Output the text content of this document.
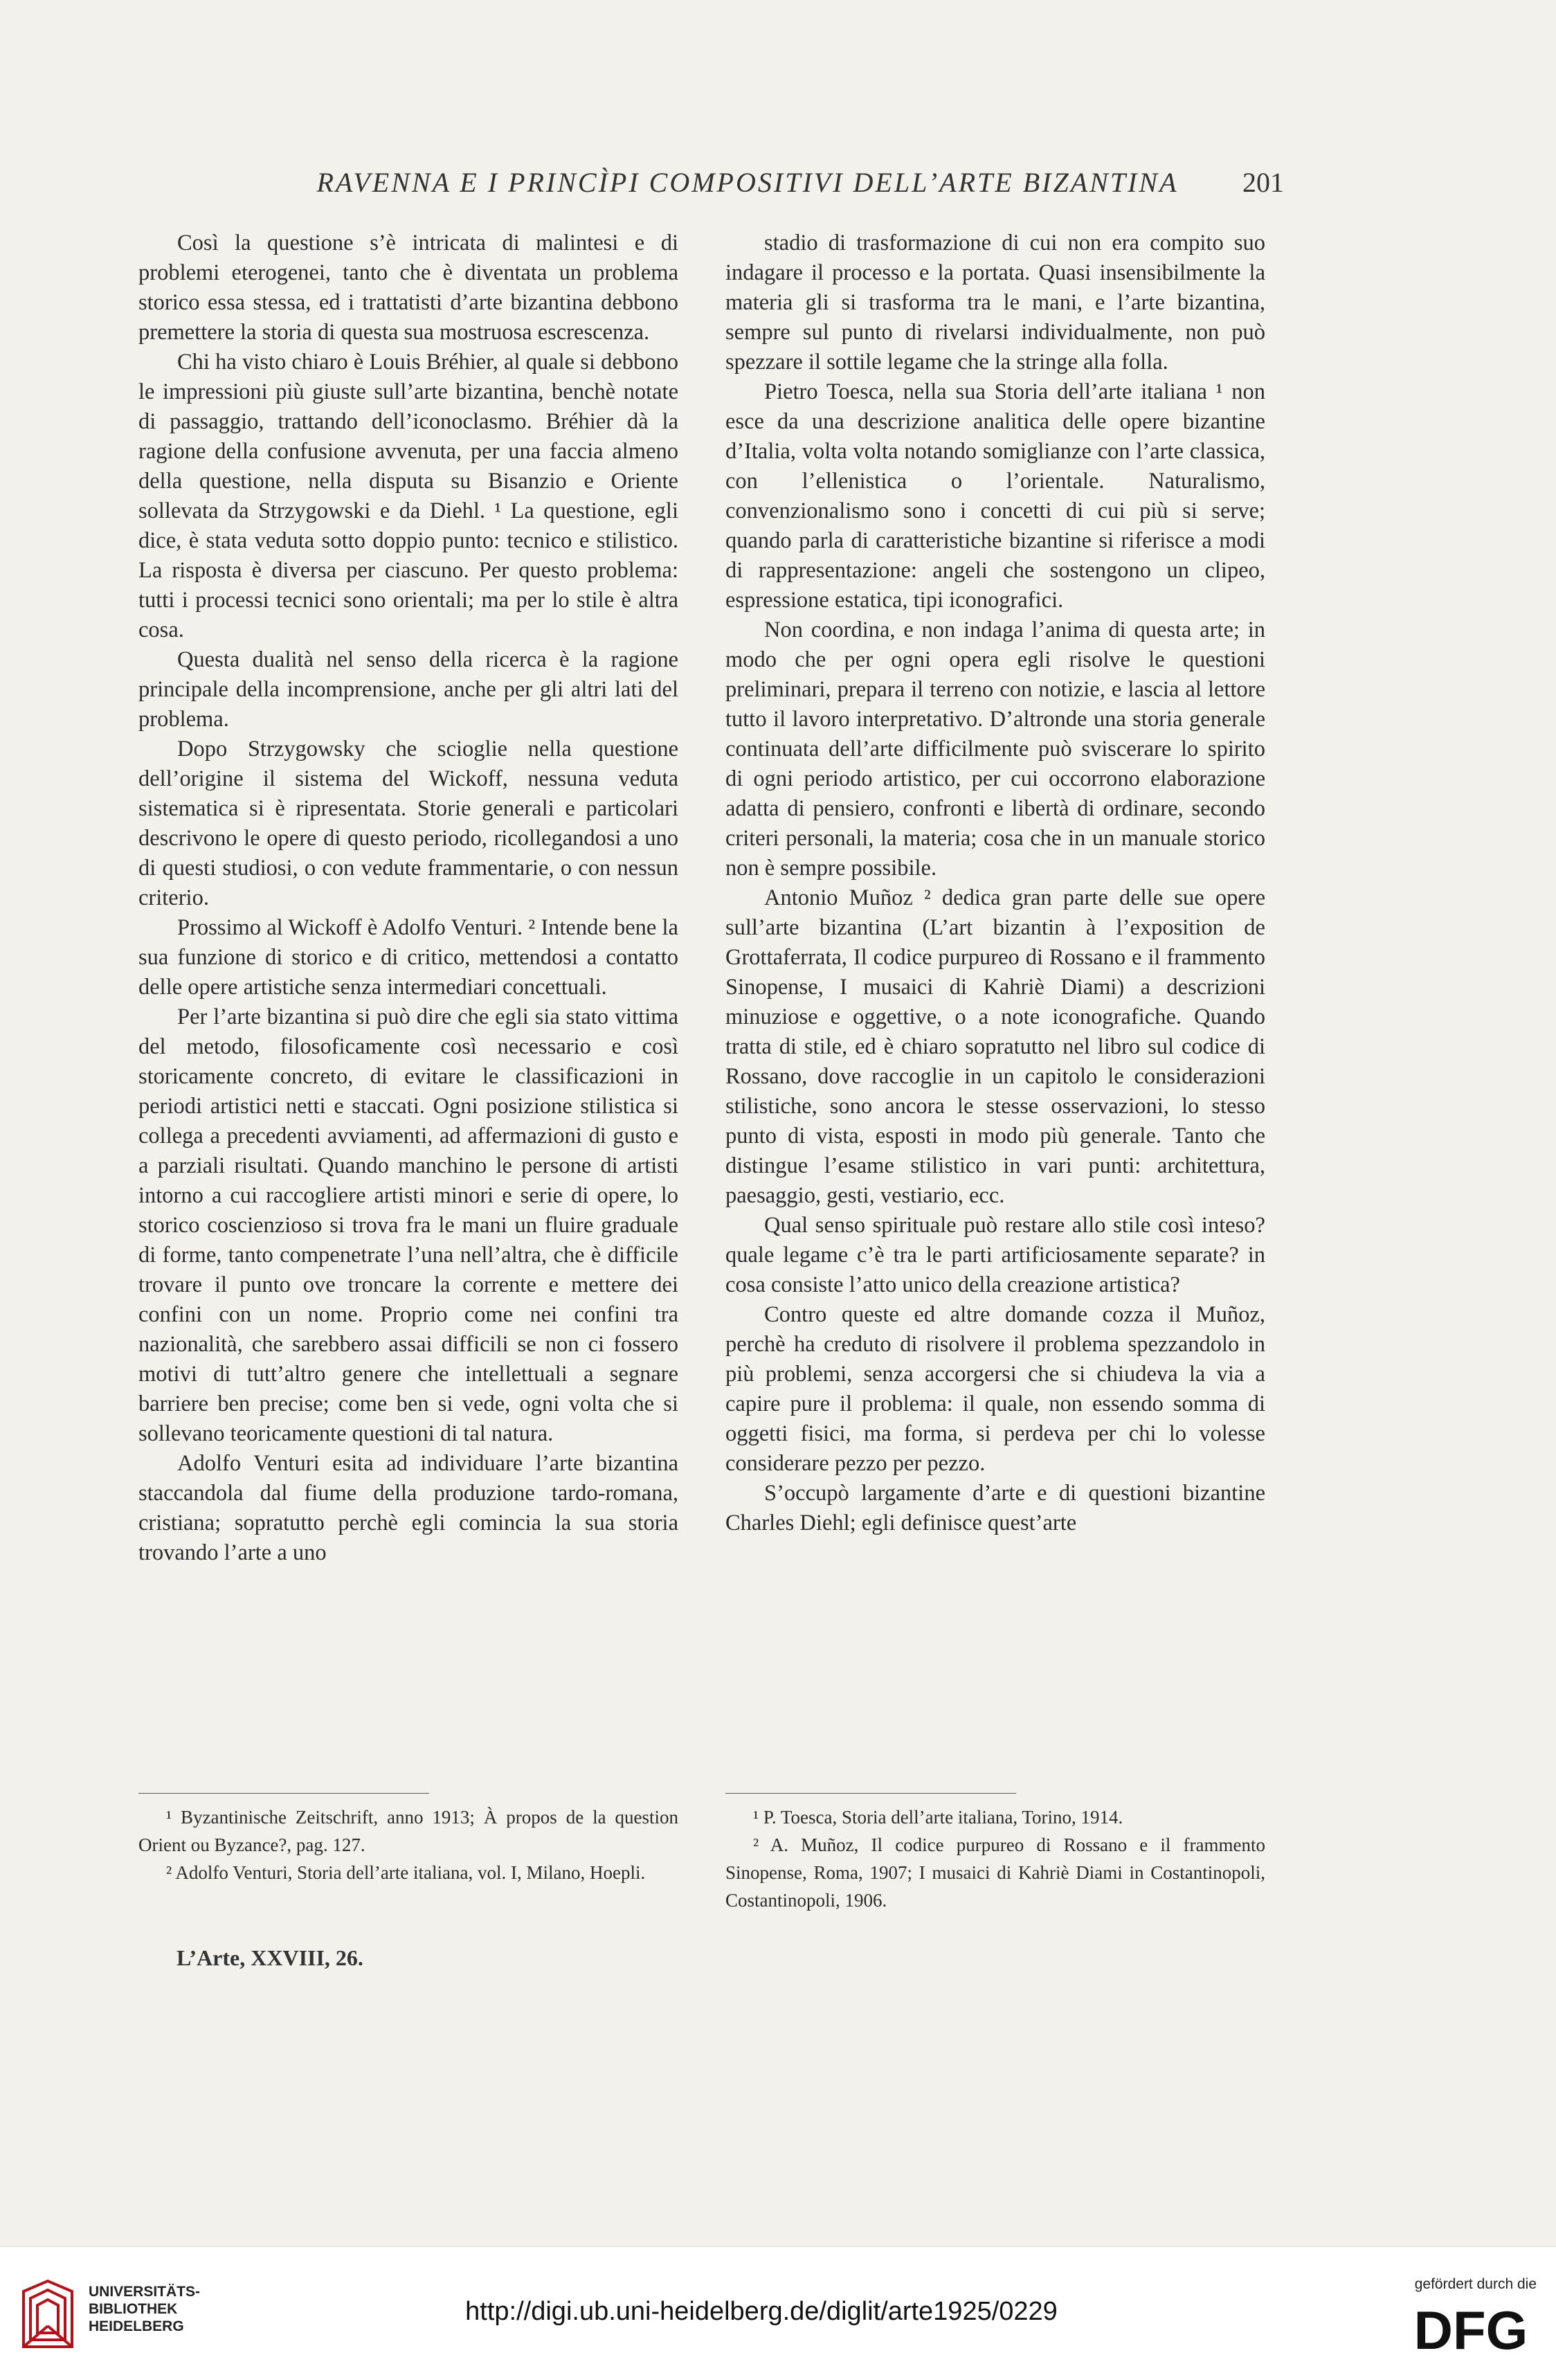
RAVENNA E I PRINCÌPI COMPOSITIVI DELL’ARTE BIZANTINA	201

Così la questione s’è intricata di malintesi e di problemi eterogenei, tanto che è diventata un problema storico essa stessa, ed i trattatisti d’arte bizantina debbono premettere la storia di questa sua mostruosa escrescenza.

Chi ha visto chiaro è Louis Bréhier, al quale si debbono le impressioni più giuste sull’arte bizantina, benchè notate di passaggio, trattando dell’iconoclasmo. Bréhier dà la ragione della confusione avvenuta, per una faccia almeno della questione, nella disputa su Bisanzio e Oriente sollevata da Strzygowski e da Diehl. ¹ La questione, egli dice, è stata veduta sotto doppio punto: tecnico e stilistico. La risposta è diversa per ciascuno. Per questo problema: tutti i processi tecnici sono orientali; ma per lo stile è altra cosa.

Questa dualità nel senso della ricerca è la ragione principale della incomprensione, anche per gli altri lati del problema.

Dopo Strzygowsky che scioglie nella questione dell’origine il sistema del Wickoff, nessuna veduta sistematica si è ripresentata. Storie generali e particolari descrivono le opere di questo periodo, ricollegandosi a uno di questi studiosi, o con vedute frammentarie, o con nessun criterio.

Prossimo al Wickoff è Adolfo Venturi. ² Intende bene la sua funzione di storico e di critico, mettendosi a contatto delle opere artistiche senza intermediari concettuali.

Per l’arte bizantina si può dire che egli sia stato vittima del metodo, filosoficamente così necessario e così storicamente concreto, di evitare le classificazioni in periodi artistici netti e staccati. Ogni posizione stilistica si collega a precedenti avviamenti, ad affermazioni di gusto e a parziali risultati. Quando manchino le persone di artisti intorno a cui raccogliere artisti minori e serie di opere, lo storico coscienzioso si trova fra le mani un fluire graduale di forme, tanto compenetrate l’una nell’altra, che è difficile trovare il punto ove troncare la corrente e mettere dei confini con un nome. Proprio come nei confini tra nazionalità, che sarebbero assai difficili se non ci fossero motivi di tutt’altro genere che intellettuali a segnare barriere ben precise; come ben si vede, ogni volta che si sollevano teoricamente questioni di tal natura.

Adolfo Venturi esita ad individuare l’arte bizantina staccandola dal fiume della produzione tardo-romana, cristiana; sopratutto perchè egli comincia la sua storia trovando l’arte a uno

stadio di trasformazione di cui non era compito suo indagare il processo e la portata. Quasi insensibilmente la materia gli si trasforma tra le mani, e l’arte bizantina, sempre sul punto di rivelarsi individualmente, non può spezzare il sottile legame che la stringe alla folla.

Pietro Toesca, nella sua Storia dell’arte italiana ¹ non esce da una descrizione analitica delle opere bizantine d’Italia, volta volta notando somiglianze con l’arte classica, con l’ellenistica o l’orientale. Naturalismo, convenzionalismo sono i concetti di cui più si serve; quando parla di caratteristiche bizantine si riferisce a modi di rappresentazione: angeli che sostengono un clipeo, espressione estatica, tipi iconografici.

Non coordina, e non indaga l’anima di questa arte; in modo che per ogni opera egli risolve le questioni preliminari, prepara il terreno con notizie, e lascia al lettore tutto il lavoro interpretativo. D’altronde una storia generale continuata dell’arte difficilmente può sviscerare lo spirito di ogni periodo artistico, per cui occorrono elaborazione adatta di pensiero, confronti e libertà di ordinare, secondo criteri personali, la materia; cosa che in un manuale storico non è sempre possibile.

Antonio Muñoz ² dedica gran parte delle sue opere sull’arte bizantina (L’art bizantin à l’exposition de Grottaferrata, Il codice purpureo di Rossano e il frammento Sinopense, I musaici di Kahriè Diami) a descrizioni minuziose e oggettive, o a note iconografiche. Quando tratta di stile, ed è chiaro sopratutto nel libro sul codice di Rossano, dove raccoglie in un capitolo le considerazioni stilistiche, sono ancora le stesse osservazioni, lo stesso punto di vista, esposti in modo più generale. Tanto che distingue l’esame stilistico in vari punti: architettura, paesaggio, gesti, vestiario, ecc.

Qual senso spirituale può restare allo stile così inteso? quale legame c’è tra le parti artificiosamente separate? in cosa consiste l’atto unico della creazione artistica?

Contro queste ed altre domande cozza il Muñoz, perchè ha creduto di risolvere il problema spezzandolo in più problemi, senza accorgersi che si chiudeva la via a capire pure il problema: il quale, non essendo somma di oggetti fisici, ma forma, si perdeva per chi lo volesse considerare pezzo per pezzo.

S’occupò largamente d’arte e di questioni bizantine Charles Diehl; egli definisce quest’arte

¹ Byzantinische Zeitschrift, anno 1913; À propos de la question Orient ou Byzance?, pag. 127.

² Adolfo Venturi, Storia dell’arte italiana, vol. I, Milano, Hoepli.

¹ P. Toesca, Storia dell’arte italiana, Torino, 1914.

² A. Muñoz, Il codice purpureo di Rossano e il frammento Sinopense, Roma, 1907; I musaici di Kahriè Diami in Costantinopoli, Costantinopoli, 1906.

L’Arte, XXVIII, 26.
UNIVERSITÄTS-
BIBLIOTHEK
HEIDELBERG
http://digi.ub.uni-heidelberg.de/diglit/arte1925/0229
gefördert durch die
DFG
